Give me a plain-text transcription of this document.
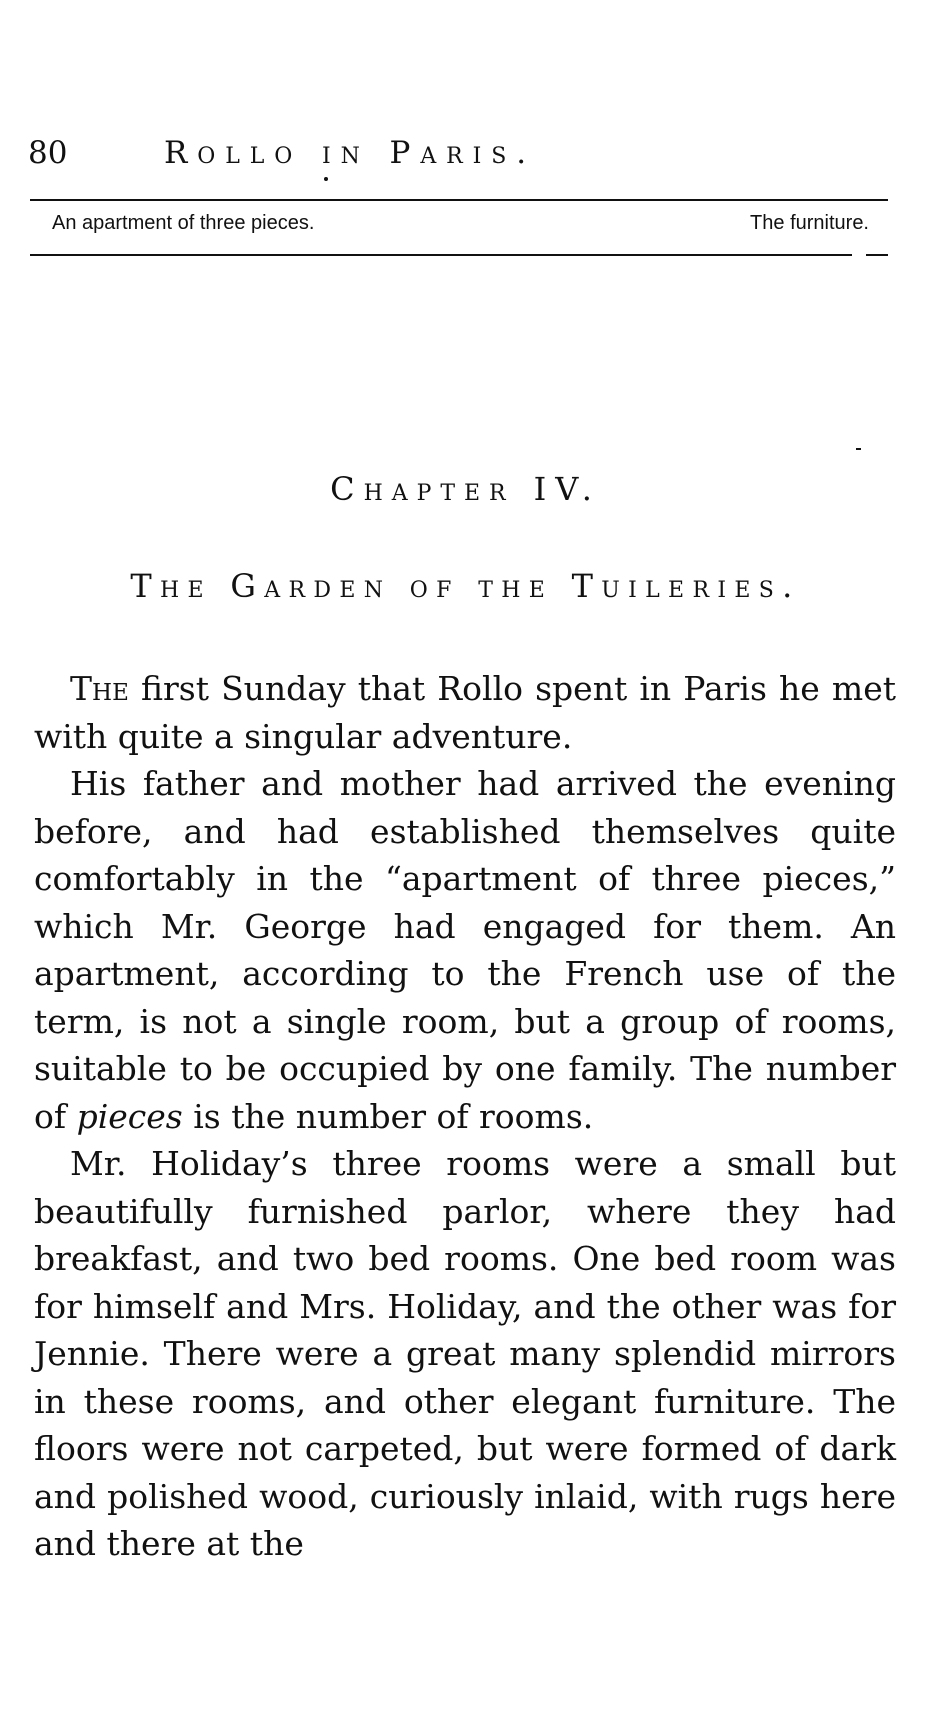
80	Rollo in Paris.
An apartment of three pieces.	The furniture.
Chapter IV.
The Garden of the Tuileries.

The first Sunday that Rollo spent in Paris he met with quite a singular adventure.

His father and mother had arrived the evening before, and had established themselves quite comfortably in the “apartment of three pieces,” which Mr. George had engaged for them. An apartment, according to the French use of the term, is not a single room, but a group of rooms, suitable to be occupied by one family. The number of pieces is the number of rooms.

Mr. Holiday’s three rooms were a small but beautifully furnished parlor, where they had breakfast, and two bed rooms. One bed room was for himself and Mrs. Holiday, and the other was for Jennie. There were a great many splendid mirrors in these rooms, and other elegant furniture. The floors were not carpeted, but were formed of dark and polished wood, curiously inlaid, with rugs here and there at the
